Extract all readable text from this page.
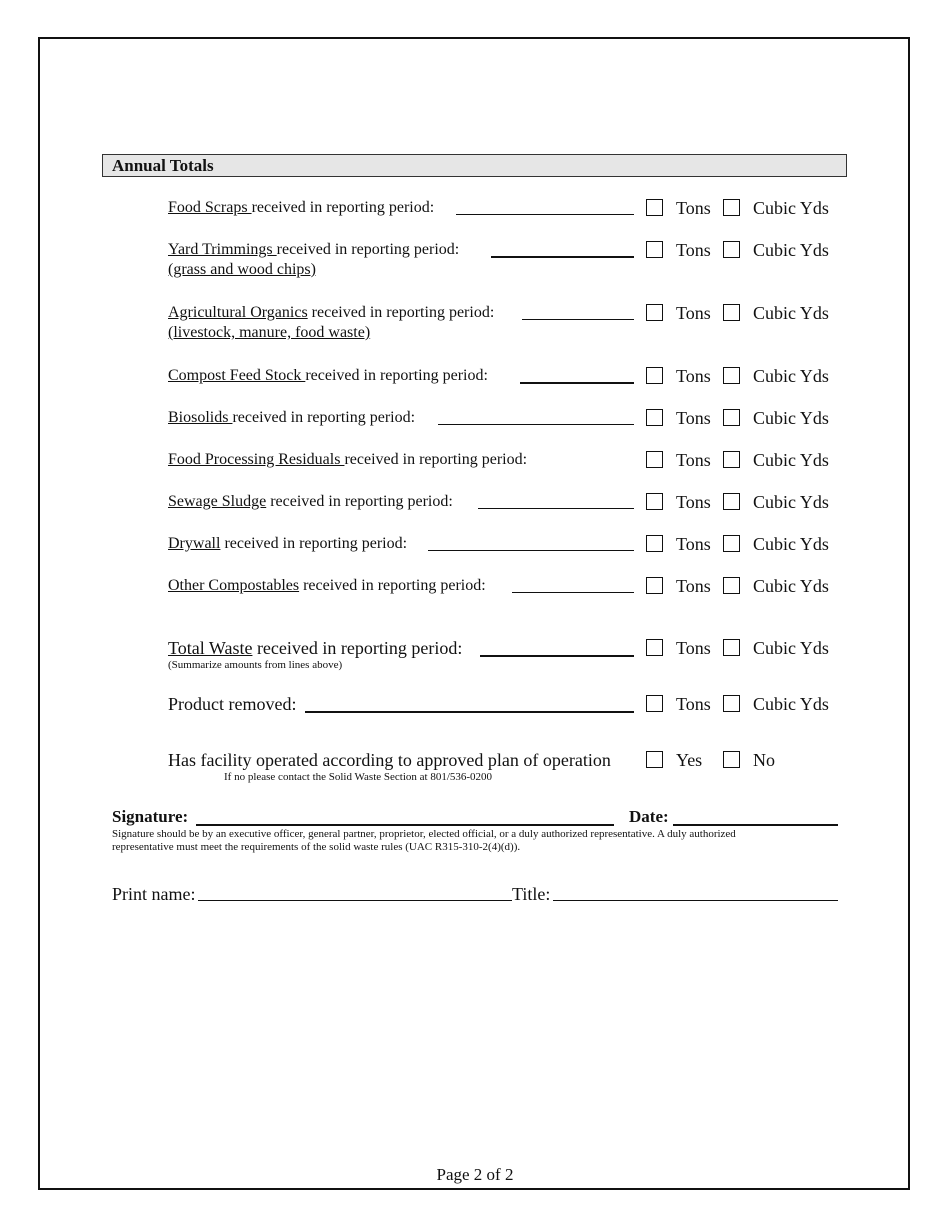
Annual Totals
Food Scraps received in reporting period:	Tons Cubic Yds
Yard Trimmings received in reporting period:
(grass and wood chips)
Tons Cubic Yds
Agricultural Organics received in reporting period:
(livestock, manure, food waste)
Tons Cubic Yds
Compost Feed Stock received in reporting period:	Tons Cubic Yds
Biosolids received in reporting period:	Tons Cubic Yds
Food Processing Residuals received in reporting period:	Tons Cubic Yds
Sewage Sludge received in reporting period:	Tons Cubic Yds
Drywall received in reporting period:	Tons Cubic Yds
Other Compostables received in reporting period:	Tons Cubic Yds
Total Waste received in reporting period:
(Summarize amounts from lines above)
Tons Cubic Yds
Product removed:	Tons Cubic Yds
Has facility operated according to approved plan of operation
If no please contact the Solid Waste Section at 801/536-0200
Yes	No
Signature:	Date:
Signature should be by an executive officer, general partner, proprietor, elected official, or a duly authorized representative. A duly authorized
representative must meet the requirements of the solid waste rules (UAC R315-310-2(4)(d)).
Print name:	Title:
Page 2 of 2
